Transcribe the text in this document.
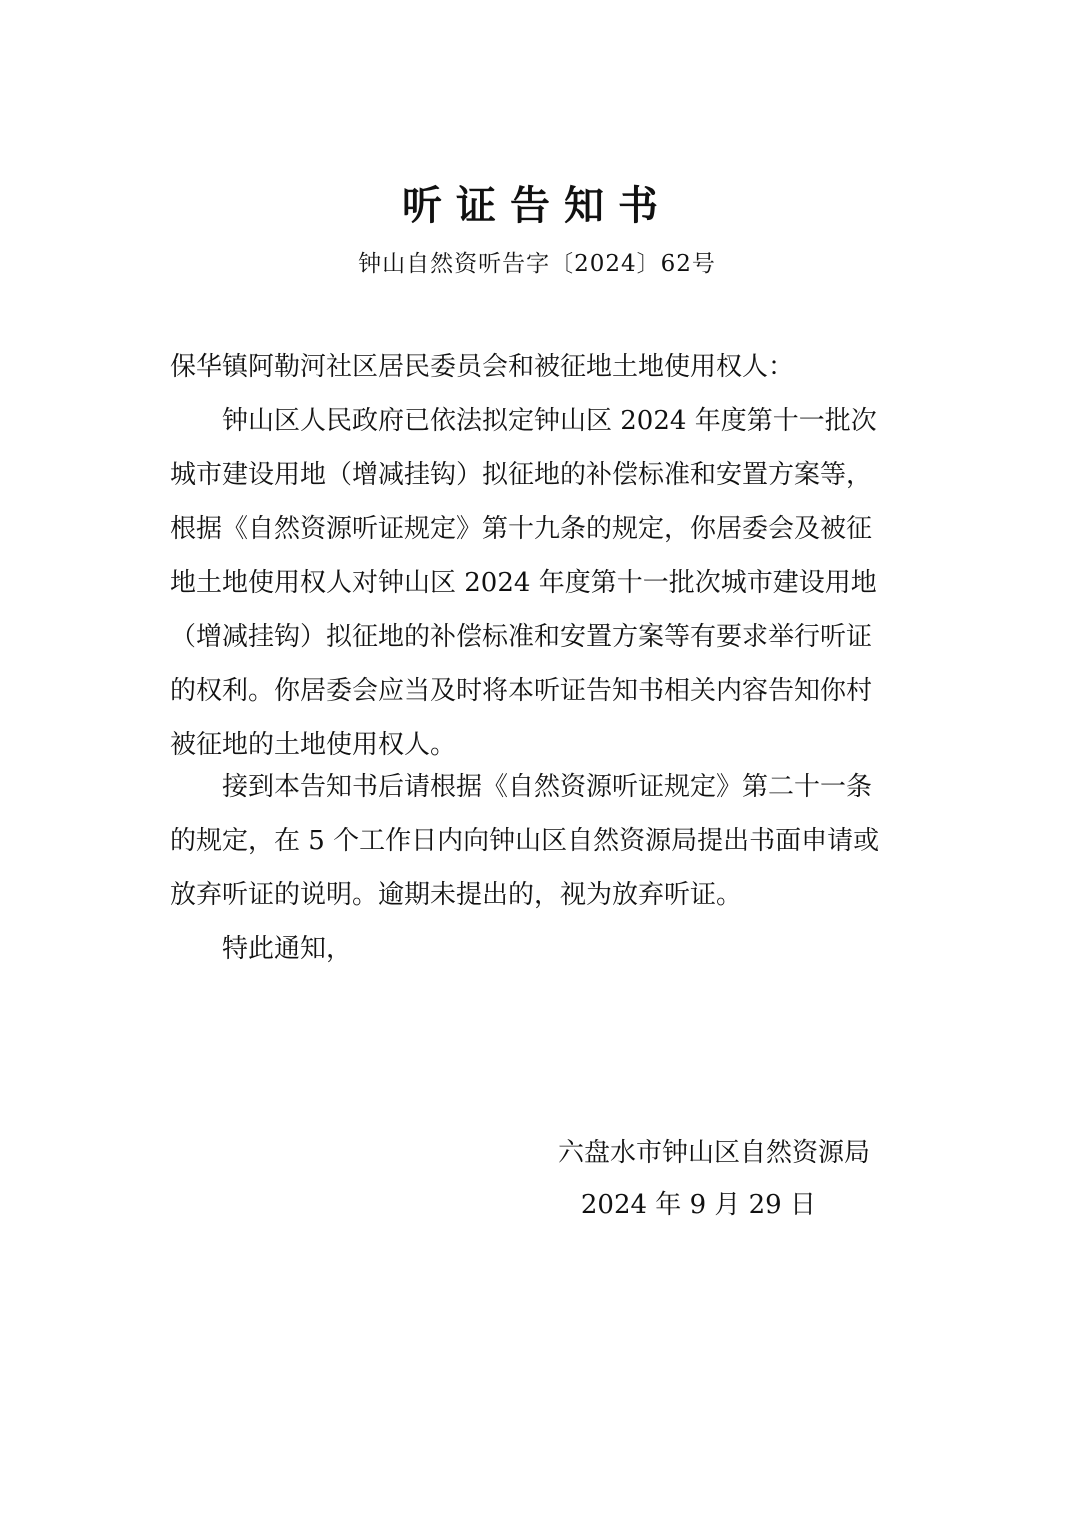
听证告知书
钟山自然资听告字〔2024〕62号
保华镇阿勒河社区居民委员会和被征地土地使用权人：
钟山区人民政府已依法拟定钟山区 2024 年度第十一批次
城市建设用地（增减挂钩）拟征地的补偿标准和安置方案等，
根据《自然资源听证规定》第十九条的规定，你居委会及被征
地土地使用权人对钟山区 2024 年度第十一批次城市建设用地
（增减挂钩）拟征地的补偿标准和安置方案等有要求举行听证
的权利。你居委会应当及时将本听证告知书相关内容告知你村
被征地的土地使用权人。
接到本告知书后请根据《自然资源听证规定》第二十一条
的规定，在 5 个工作日内向钟山区自然资源局提出书面申请或
放弃听证的说明。逾期未提出的，视为放弃听证。
特此通知，
六盘水市钟山区自然资源局
2024 年 9 月 29 日
